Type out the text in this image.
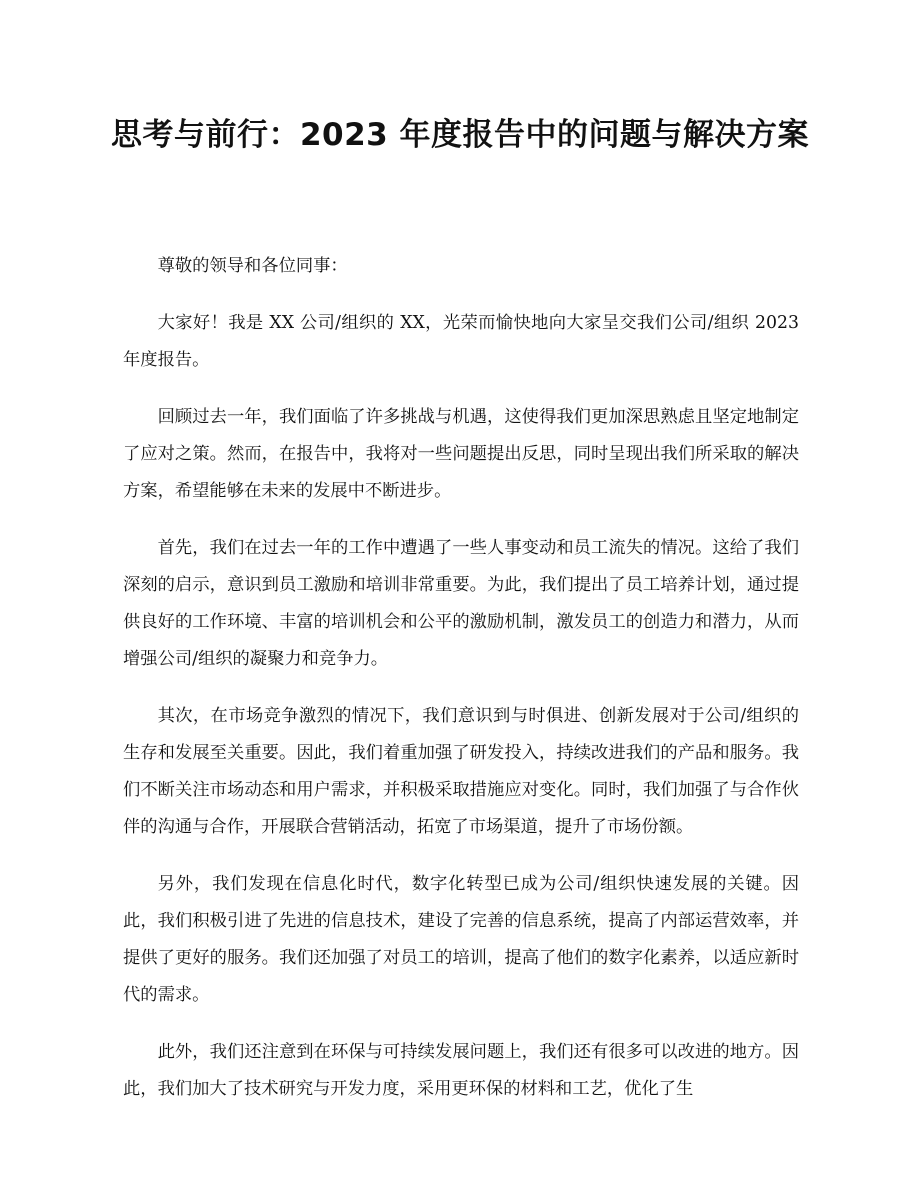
思考与前行：2023 年度报告中的问题与解决方案

尊敬的领导和各位同事：

大家好！我是 XX 公司/组织的 XX，光荣而愉快地向大家呈交我们公司/组织 2023 年度报告。

回顾过去一年，我们面临了许多挑战与机遇，这使得我们更加深思熟虑且坚定地制定了应对之策。然而，在报告中，我将对一些问题提出反思，同时呈现出我们所采取的解决方案，希望能够在未来的发展中不断进步。

首先，我们在过去一年的工作中遭遇了一些人事变动和员工流失的情况。这给了我们深刻的启示，意识到员工激励和培训非常重要。为此，我们提出了员工培养计划，通过提供良好的工作环境、丰富的培训机会和公平的激励机制，激发员工的创造力和潜力，从而增强公司/组织的凝聚力和竞争力。

其次，在市场竞争激烈的情况下，我们意识到与时俱进、创新发展对于公司/组织的生存和发展至关重要。因此，我们着重加强了研发投入，持续改进我们的产品和服务。我们不断关注市场动态和用户需求，并积极采取措施应对变化。同时，我们加强了与合作伙伴的沟通与合作，开展联合营销活动，拓宽了市场渠道，提升了市场份额。

另外，我们发现在信息化时代，数字化转型已成为公司/组织快速发展的关键。因此，我们积极引进了先进的信息技术，建设了完善的信息系统，提高了内部运营效率，并提供了更好的服务。我们还加强了对员工的培训，提高了他们的数字化素养，以适应新时代的需求。

此外，我们还注意到在环保与可持续发展问题上，我们还有很多可以改进的地方。因此，我们加大了技术研究与开发力度，采用更环保的材料和工艺，优化了生
